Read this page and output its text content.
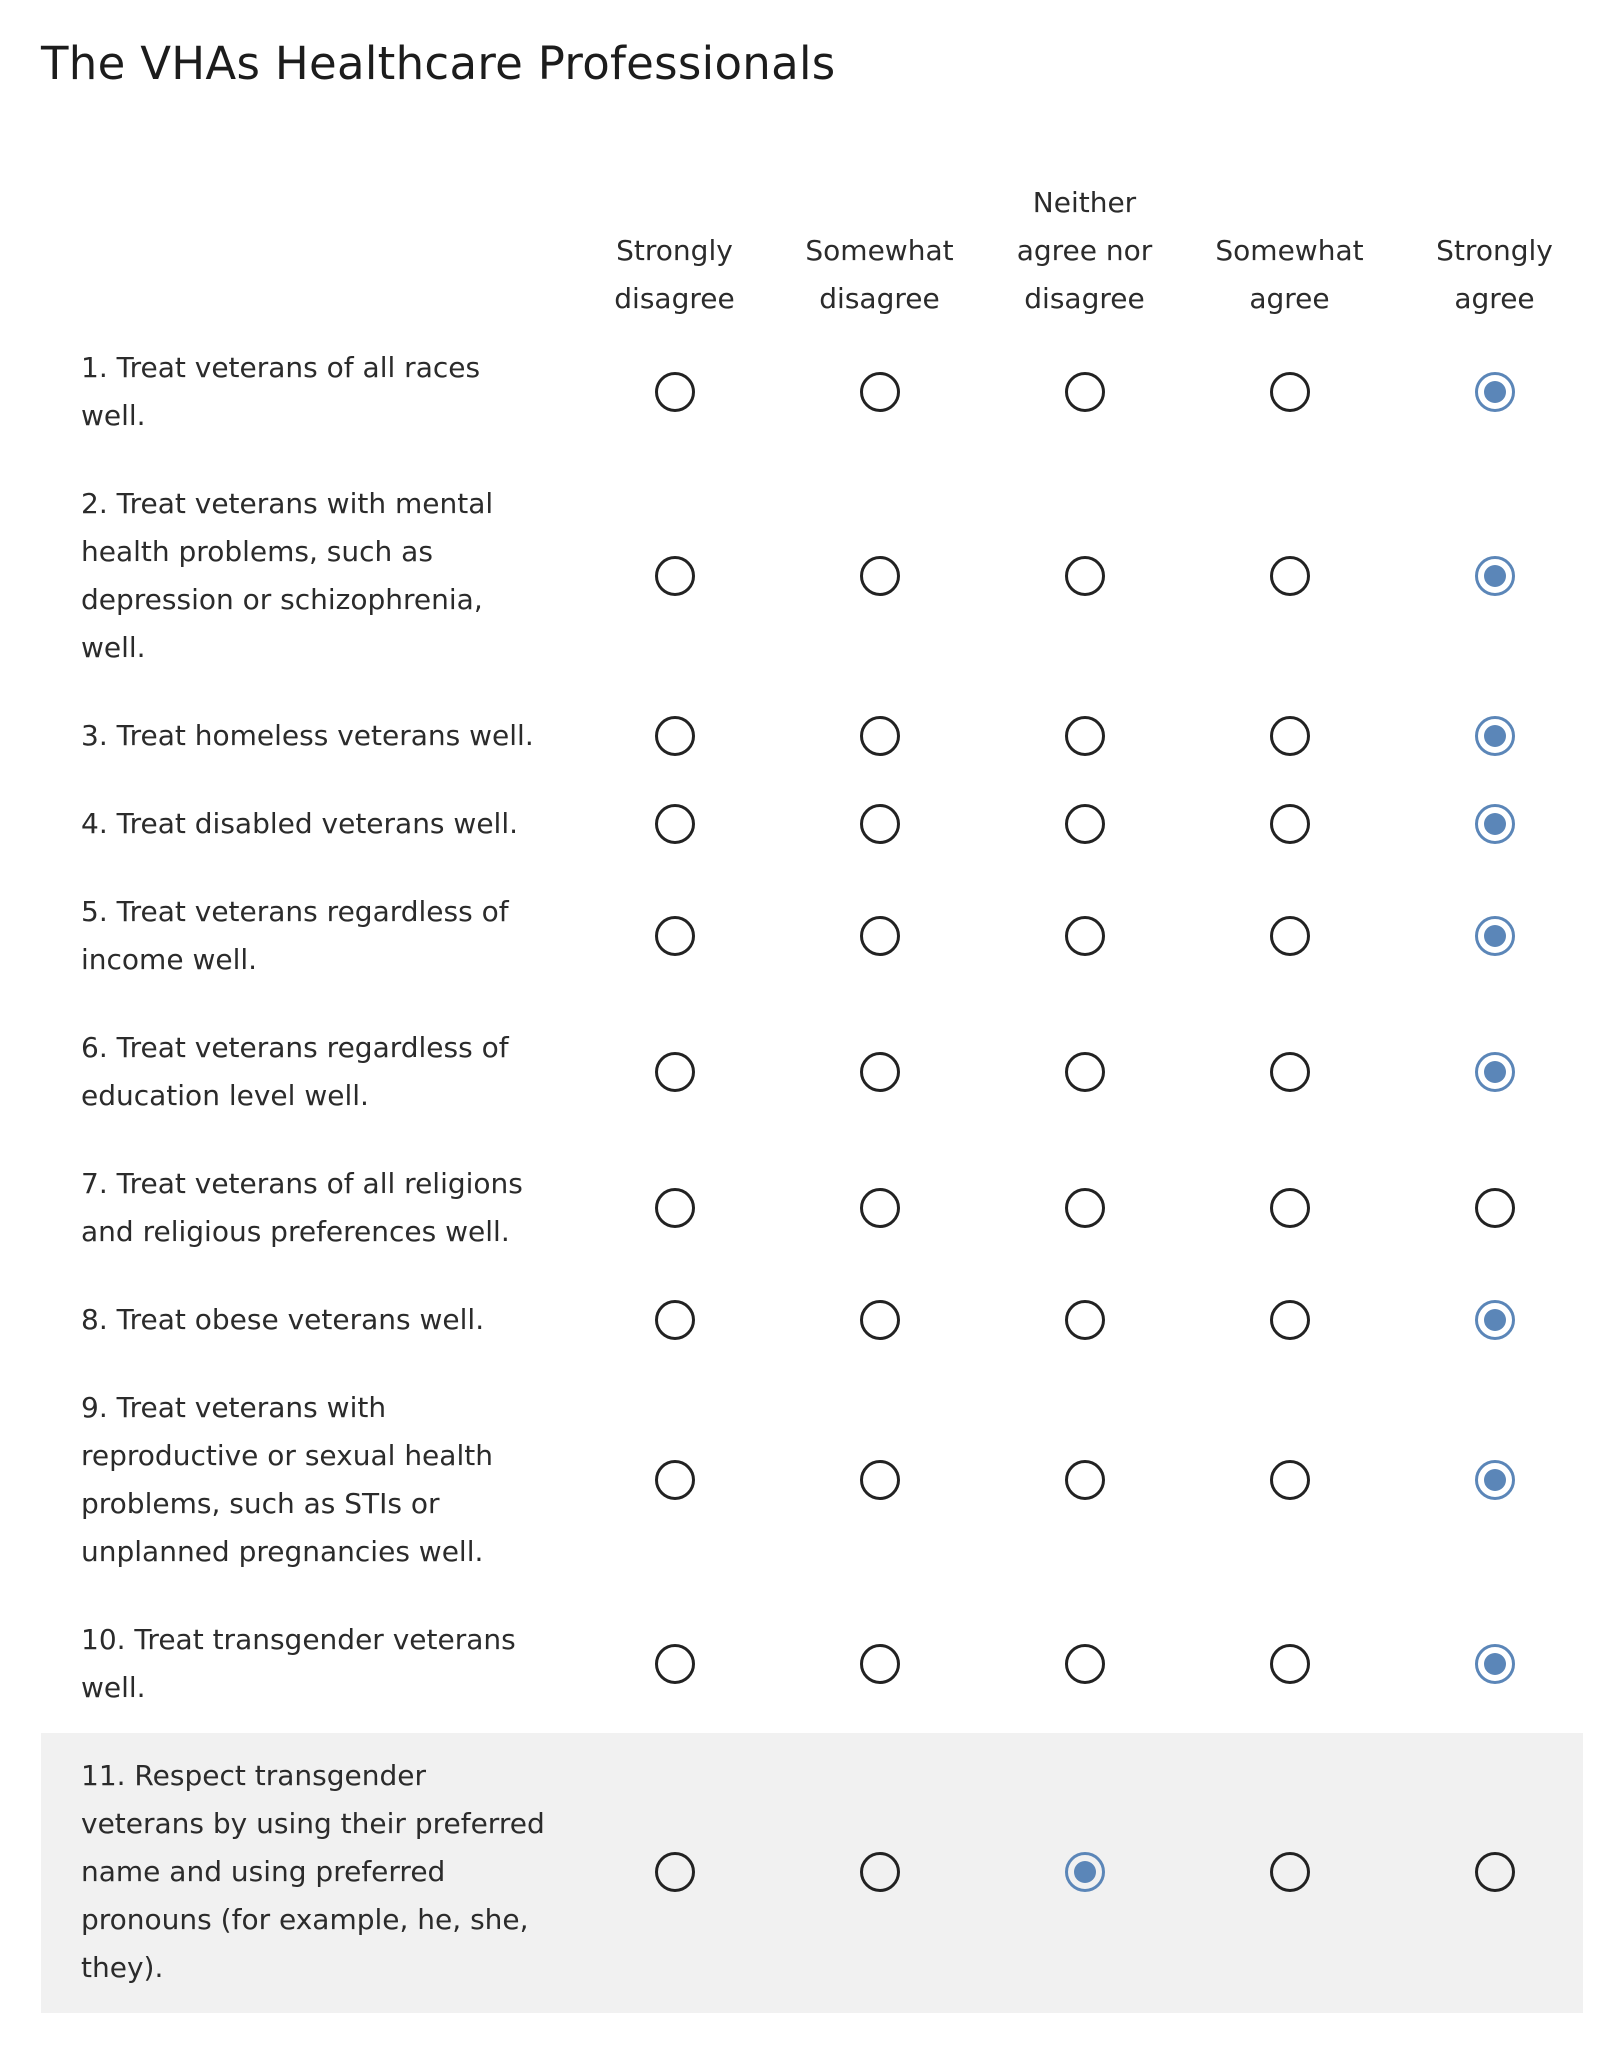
The VHAs Healthcare Professionals
Strongly
disagree
Somewhat
disagree
Neither
agree nor
disagree
Somewhat
agree
Strongly
agree
1. Treat veterans of all races well.
2. Treat veterans with mental health problems, such as depression or schizophrenia, well.
3. Treat homeless veterans well.
4. Treat disabled veterans well.
5. Treat veterans regardless of income well.
6. Treat veterans regardless of education level well.
7. Treat veterans of all religions and religious preferences well.
8. Treat obese veterans well.
9. Treat veterans with reproductive or sexual health problems, such as STIs or unplanned pregnancies well.
10. Treat transgender veterans well.
11. Respect transgender veterans by using their preferred name and using preferred pronouns (for example, he, she, they).
